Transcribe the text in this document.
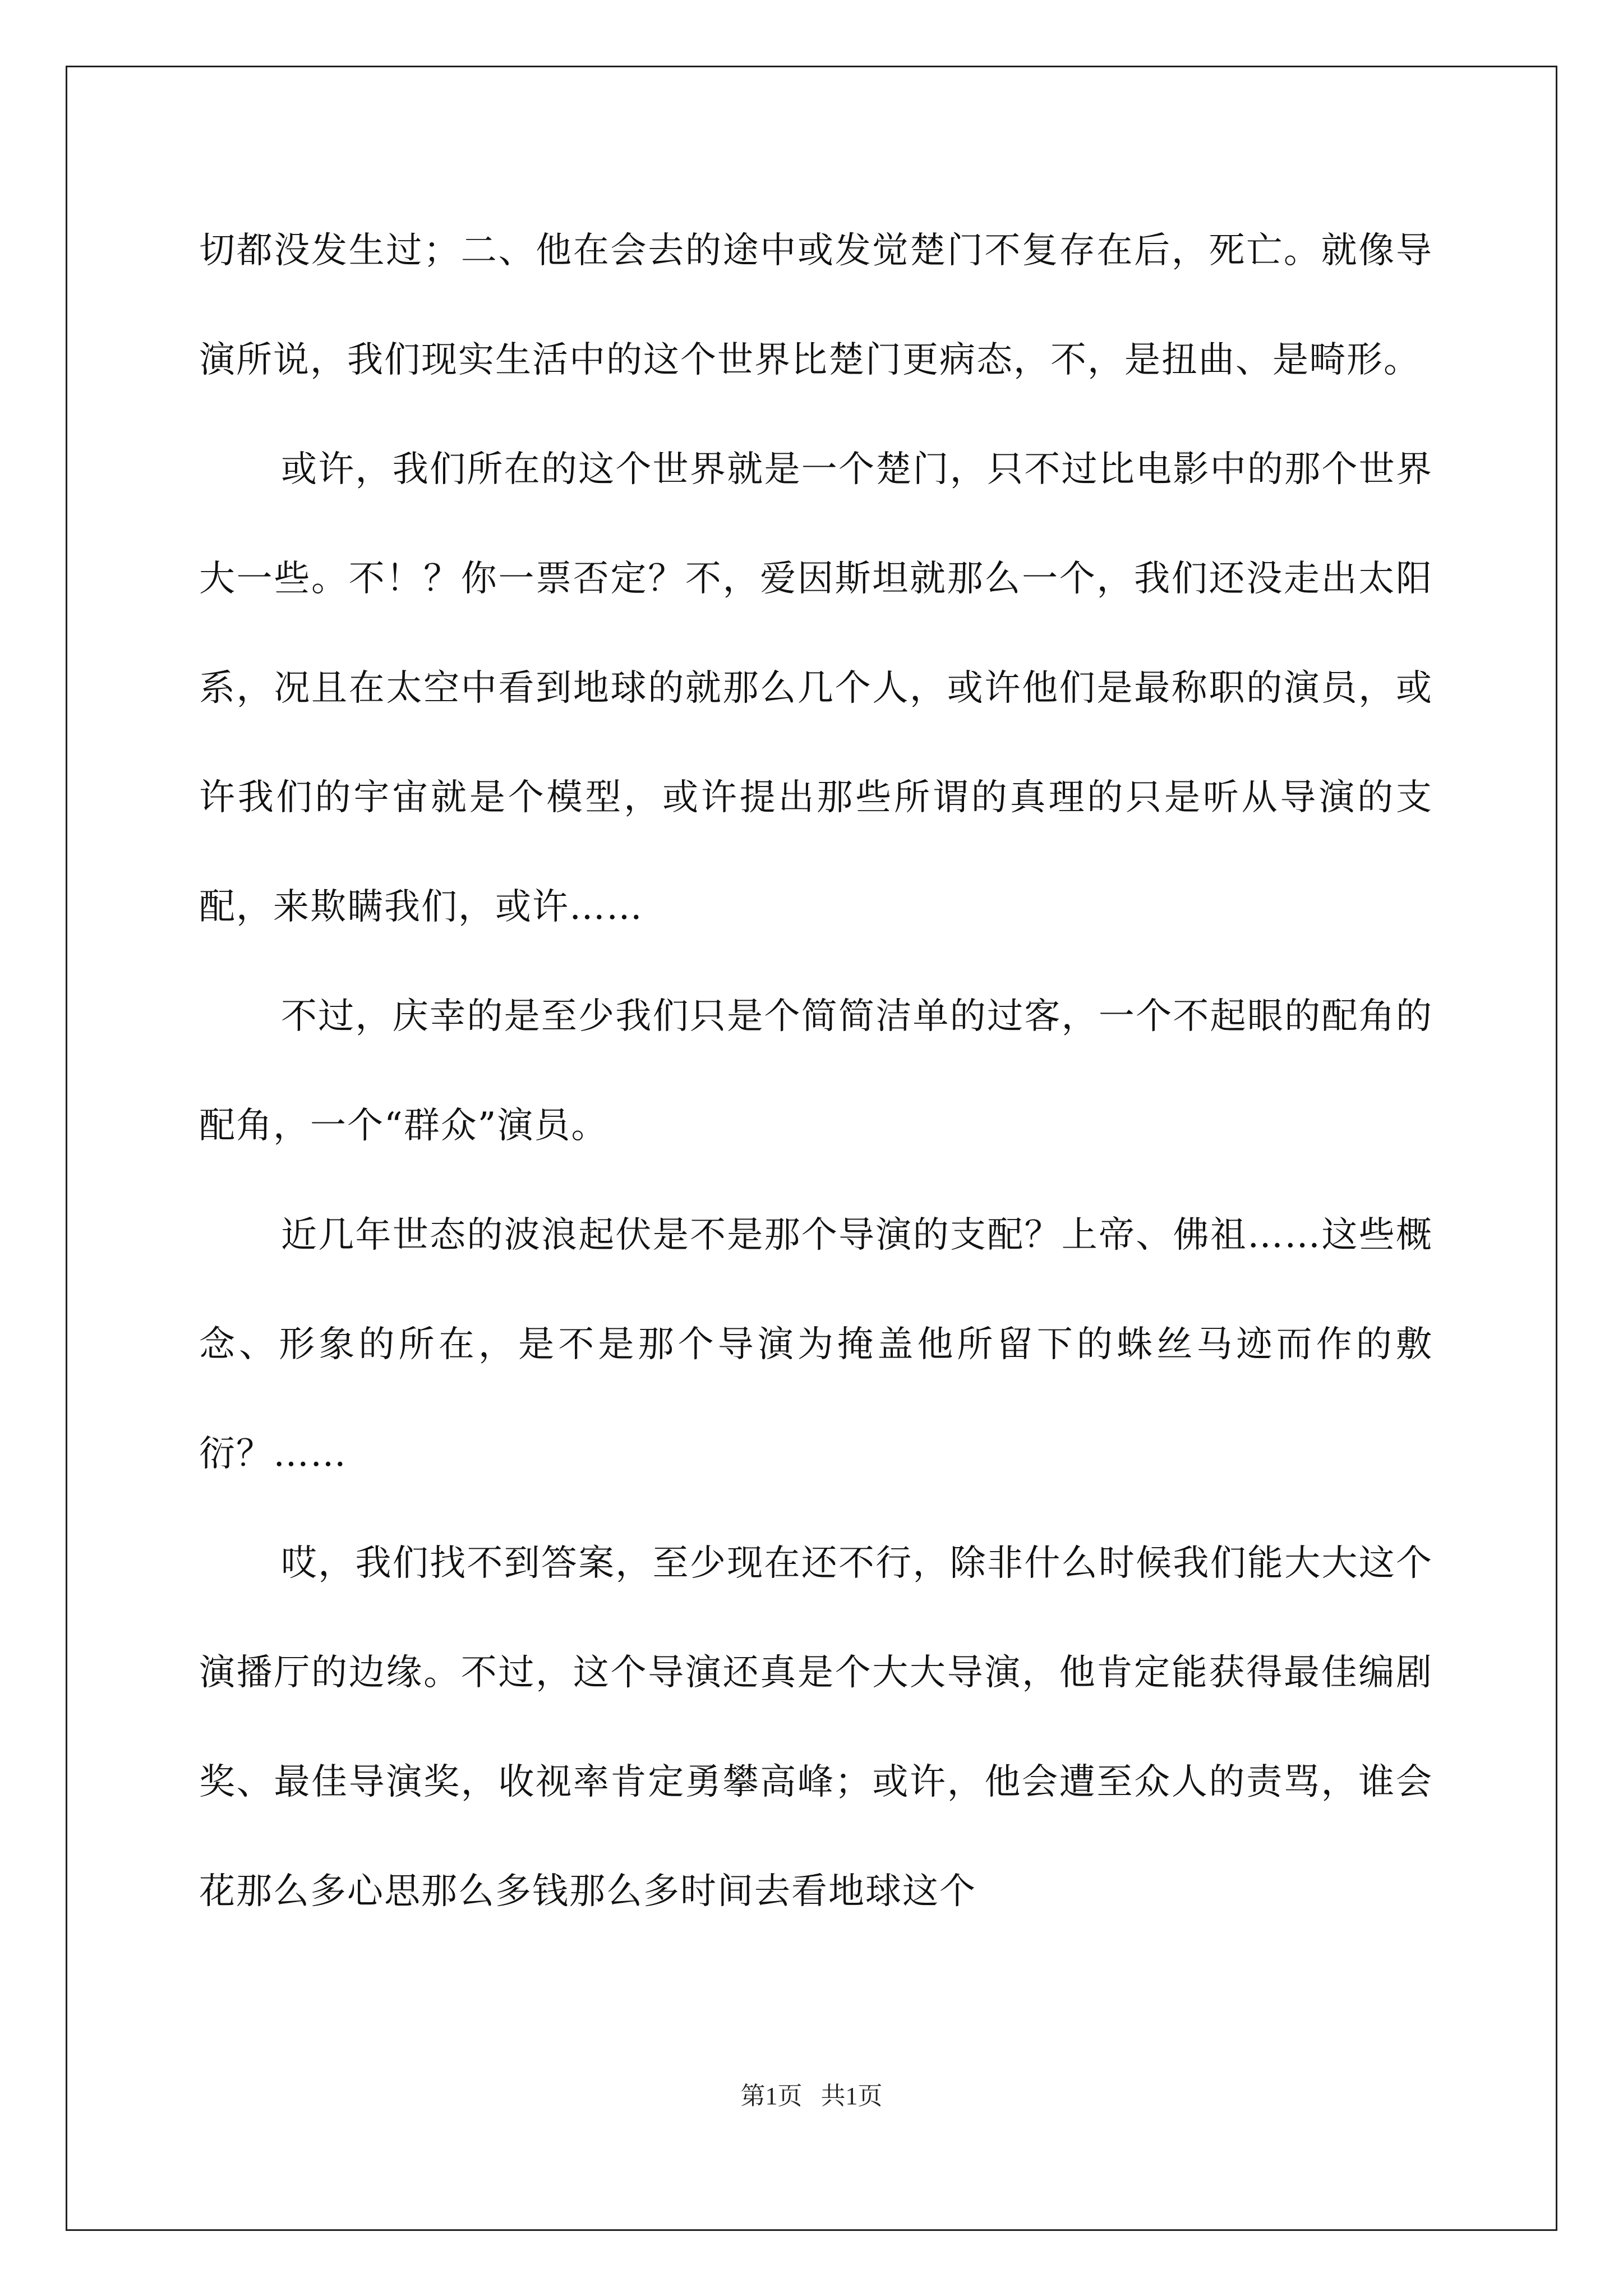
切都没发生过；二、他在会去的途中或发觉楚门不复存在后，死亡。就像导演所说，我们现实生活中的这个世界比楚门更病态，不，是扭曲、是畸形。

或许，我们所在的这个世界就是一个楚门，只不过比电影中的那个世界大一些。不！？你一票否定？不，爱因斯坦就那么一个，我们还没走出太阳系，况且在太空中看到地球的就那么几个人，或许他们是最称职的演员，或许我们的宇宙就是个模型，或许提出那些所谓的真理的只是听从导演的支配，来欺瞒我们，或许……

不过，庆幸的是至少我们只是个简简洁单的过客，一个不起眼的配角的配角，一个“群众”演员。

近几年世态的波浪起伏是不是那个导演的支配？上帝、佛祖……这些概念、形象的所在，是不是那个导演为掩盖他所留下的蛛丝马迹而作的敷衍？……

哎，我们找不到答案，至少现在还不行，除非什么时候我们能大大这个演播厅的边缘。不过，这个导演还真是个大大导演，他肯定能获得最佳编剧奖、最佳导演奖，收视率肯定勇攀高峰；或许，他会遭至众人的责骂，谁会花那么多心思那么多钱那么多时间去看地球这个

第1页   共1页
